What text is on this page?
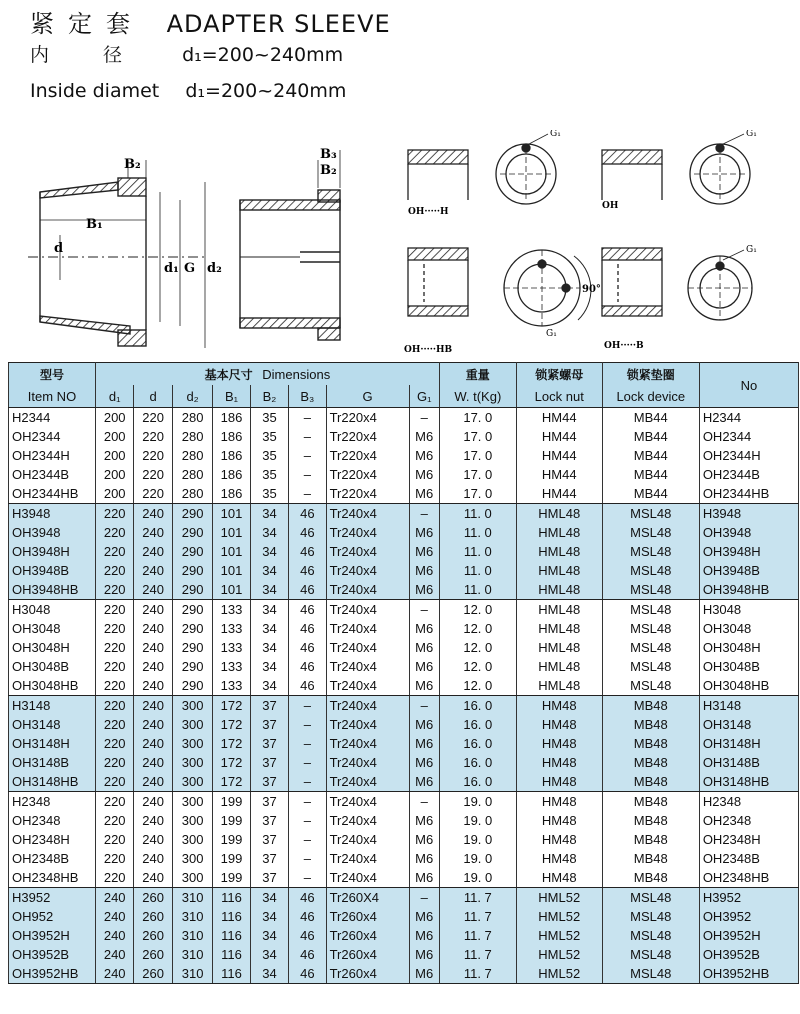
紧定套 ADAPTER SLEEVE
内径 d₁=200~240mm
Inside diamet d₁=200~240mm
B₂
B₁
d
d₁ G d₂
B₃
B₂
OH·····H
G₁
OH
G₁
OH·····HB
90°
G₁
OH·····B
G₁
型号	基本尺寸 Dimensions								重量	锁紧螺母	锁紧垫圈	No
Item NO	d₁	d	d₂	B₁	B₂	B₃	G	G₁	W. t(Kg)	Lock nut	Lock device	
H2344	200	220	280	186	35	–	Tr220x4	–	17. 0	HM44	MB44	H2344
OH2344	200	220	280	186	35	–	Tr220x4	M6	17. 0	HM44	MB44	OH2344
OH2344H	200	220	280	186	35	–	Tr220x4	M6	17. 0	HM44	MB44	OH2344H
OH2344B	200	220	280	186	35	–	Tr220x4	M6	17. 0	HM44	MB44	OH2344B
OH2344HB	200	220	280	186	35	–	Tr220x4	M6	17. 0	HM44	MB44	OH2344HB
H3948	220	240	290	101	34	46	Tr240x4	–	11. 0	HML48	MSL48	H3948
OH3948	220	240	290	101	34	46	Tr240x4	M6	11. 0	HML48	MSL48	OH3948
OH3948H	220	240	290	101	34	46	Tr240x4	M6	11. 0	HML48	MSL48	OH3948H
OH3948B	220	240	290	101	34	46	Tr240x4	M6	11. 0	HML48	MSL48	OH3948B
OH3948HB	220	240	290	101	34	46	Tr240x4	M6	11. 0	HML48	MSL48	OH3948HB
H3048	220	240	290	133	34	46	Tr240x4	–	12. 0	HML48	MSL48	H3048
OH3048	220	240	290	133	34	46	Tr240x4	M6	12. 0	HML48	MSL48	OH3048
OH3048H	220	240	290	133	34	46	Tr240x4	M6	12. 0	HML48	MSL48	OH3048H
OH3048B	220	240	290	133	34	46	Tr240x4	M6	12. 0	HML48	MSL48	OH3048B
OH3048HB	220	240	290	133	34	46	Tr240x4	M6	12. 0	HML48	MSL48	OH3048HB
H3148	220	240	300	172	37	–	Tr240x4	–	16. 0	HM48	MB48	H3148
OH3148	220	240	300	172	37	–	Tr240x4	M6	16. 0	HM48	MB48	OH3148
OH3148H	220	240	300	172	37	–	Tr240x4	M6	16. 0	HM48	MB48	OH3148H
OH3148B	220	240	300	172	37	–	Tr240x4	M6	16. 0	HM48	MB48	OH3148B
OH3148HB	220	240	300	172	37	–	Tr240x4	M6	16. 0	HM48	MB48	OH3148HB
H2348	220	240	300	199	37	–	Tr240x4	–	19. 0	HM48	MB48	H2348
OH2348	220	240	300	199	37	–	Tr240x4	M6	19. 0	HM48	MB48	OH2348
OH2348H	220	240	300	199	37	–	Tr240x4	M6	19. 0	HM48	MB48	OH2348H
OH2348B	220	240	300	199	37	–	Tr240x4	M6	19. 0	HM48	MB48	OH2348B
OH2348HB	220	240	300	199	37	–	Tr240x4	M6	19. 0	HM48	MB48	OH2348HB
H3952	240	260	310	116	34	46	Tr260X4	–	11. 7	HML52	MSL48	H3952
OH952	240	260	310	116	34	46	Tr260x4	M6	11. 7	HML52	MSL48	OH3952
OH3952H	240	260	310	116	34	46	Tr260x4	M6	11. 7	HML52	MSL48	OH3952H
OH3952B	240	260	310	116	34	46	Tr260x4	M6	11. 7	HML52	MSL48	OH3952B
OH3952HB	240	260	310	116	34	46	Tr260x4	M6	11. 7	HML52	MSL48	OH3952HB
